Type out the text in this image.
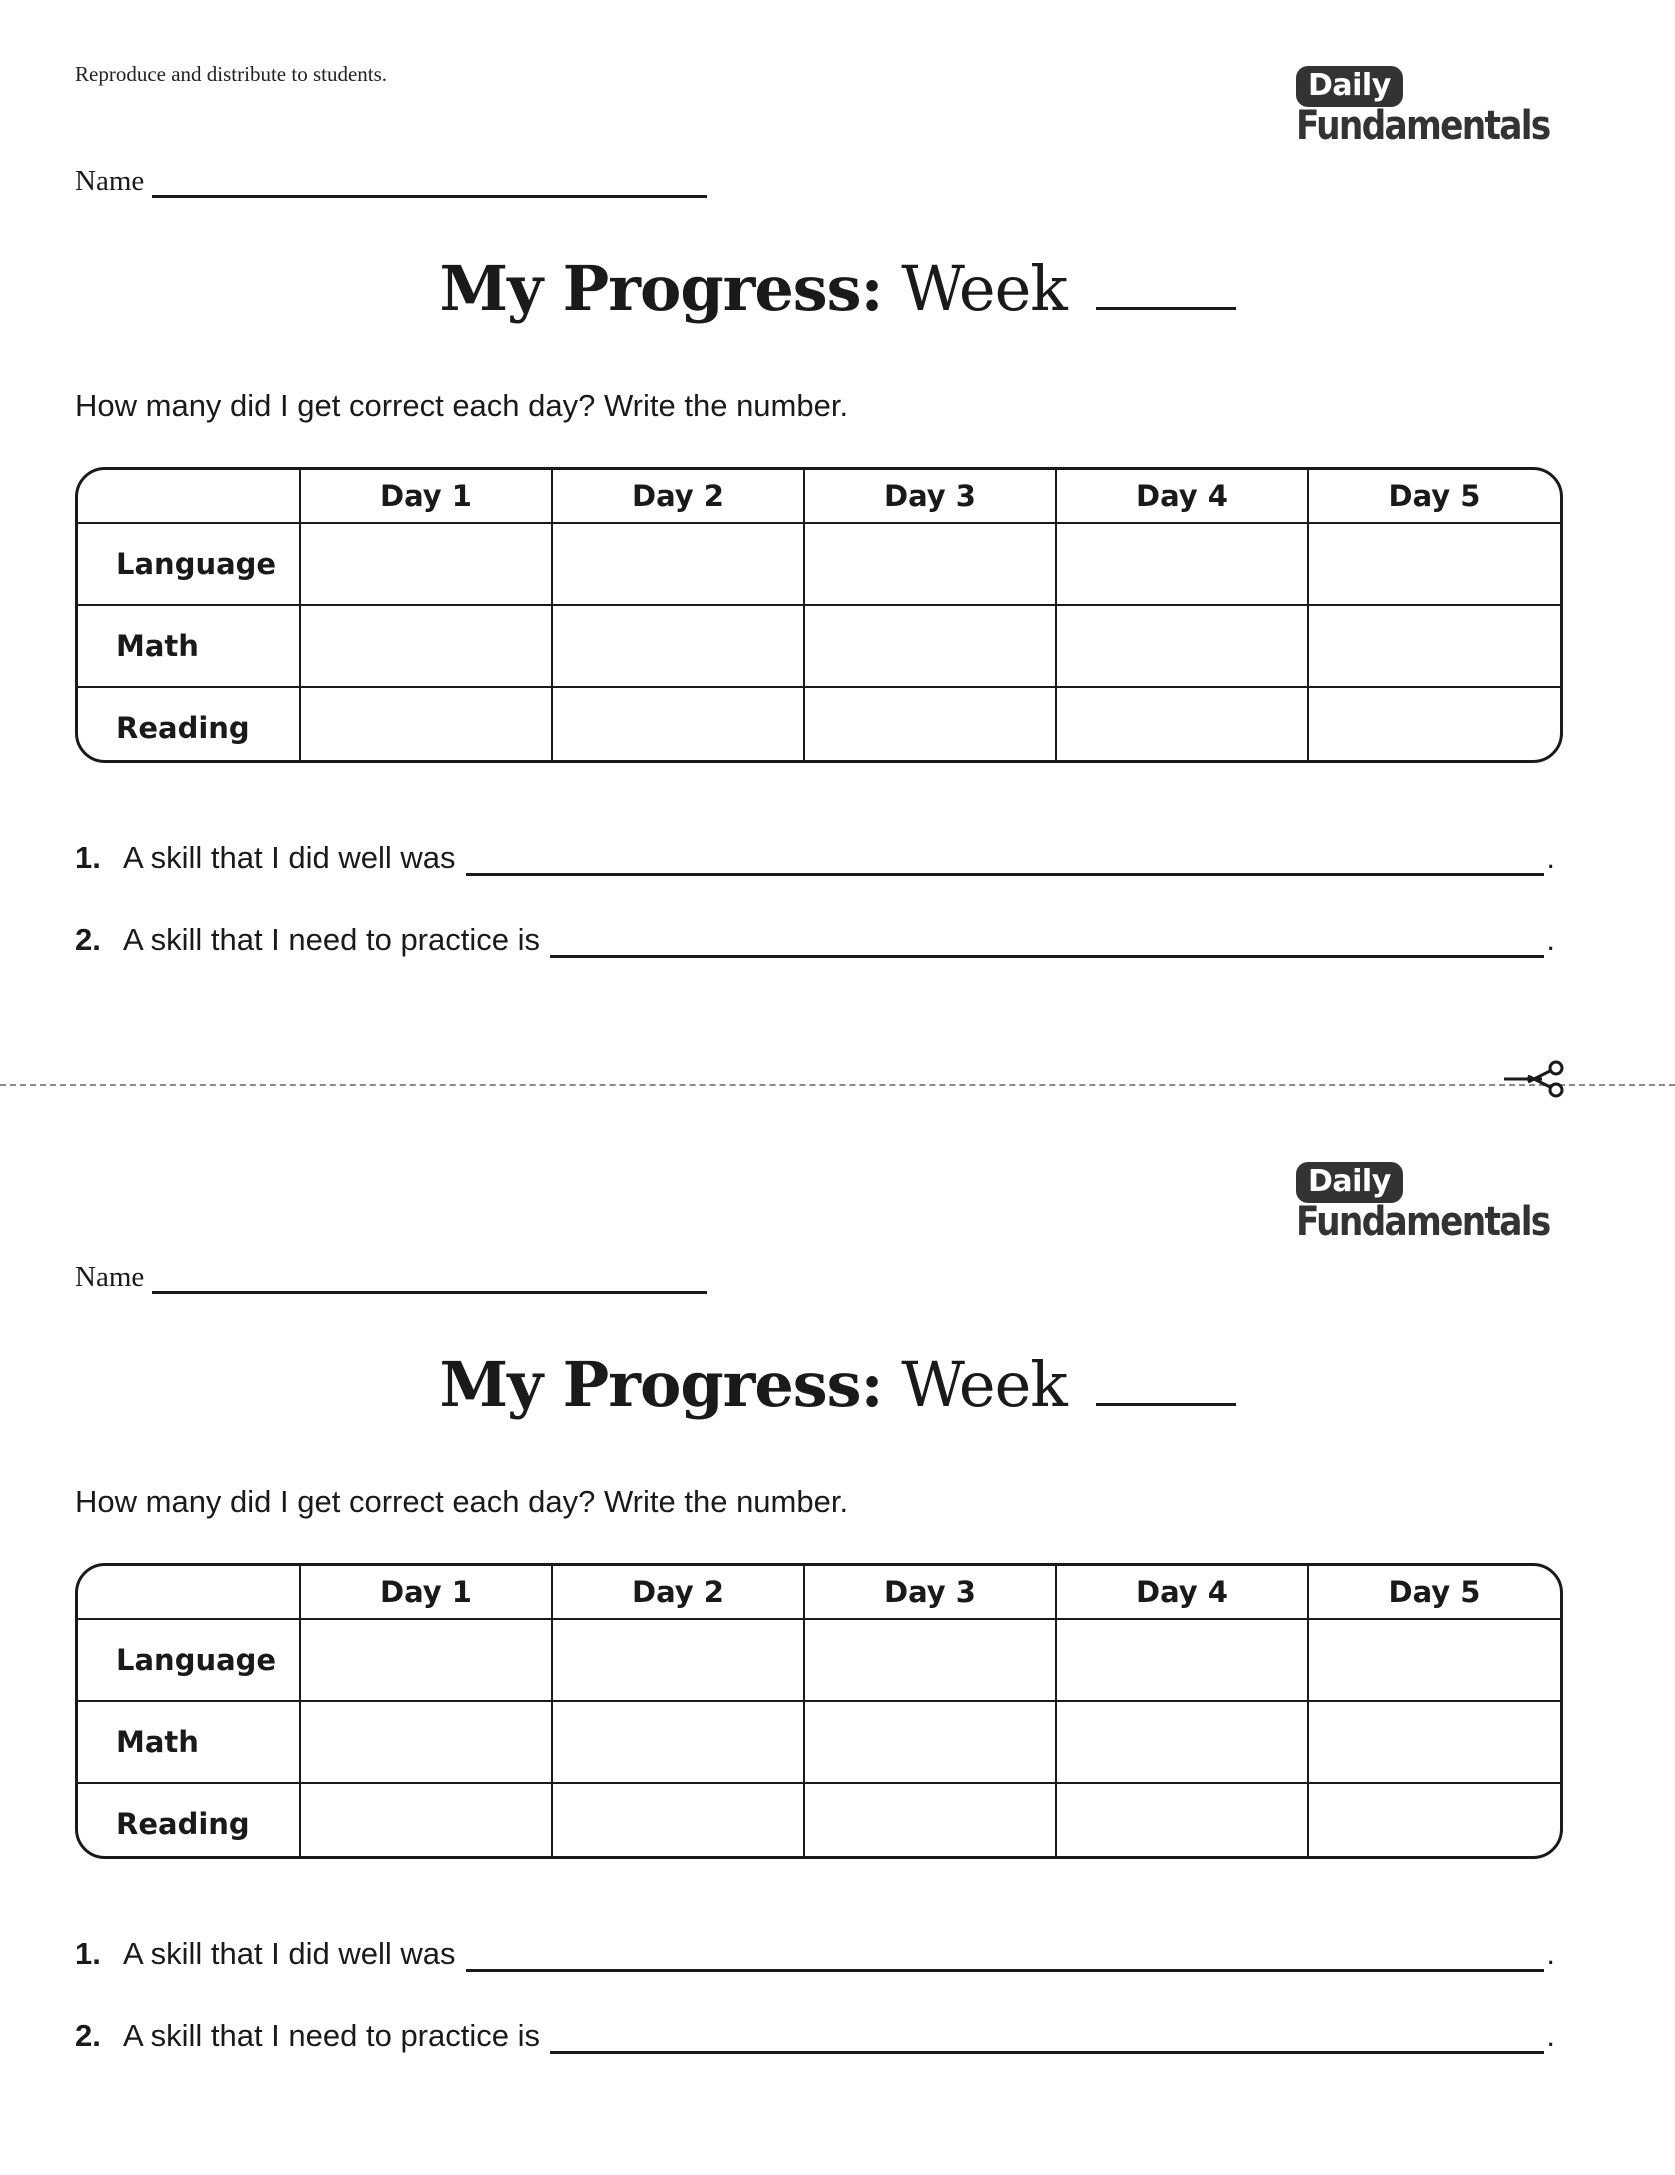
Reproduce and distribute to students.	Daily
Fundamentals
Name
My Progress: Week
How many did I get correct each day? Write the number.
	Day 1	Day 2	Day 3	Day 4	Day 5
Language					
Math					
Reading					
1. A skill that I did well was	.
2. A skill that I need to practice is	.
Daily
Fundamentals
Name
My Progress: Week
How many did I get correct each day? Write the number.
	Day 1	Day 2	Day 3	Day 4	Day 5
Language					
Math					
Reading					
1. A skill that I did well was	.
2. A skill that I need to practice is	.
